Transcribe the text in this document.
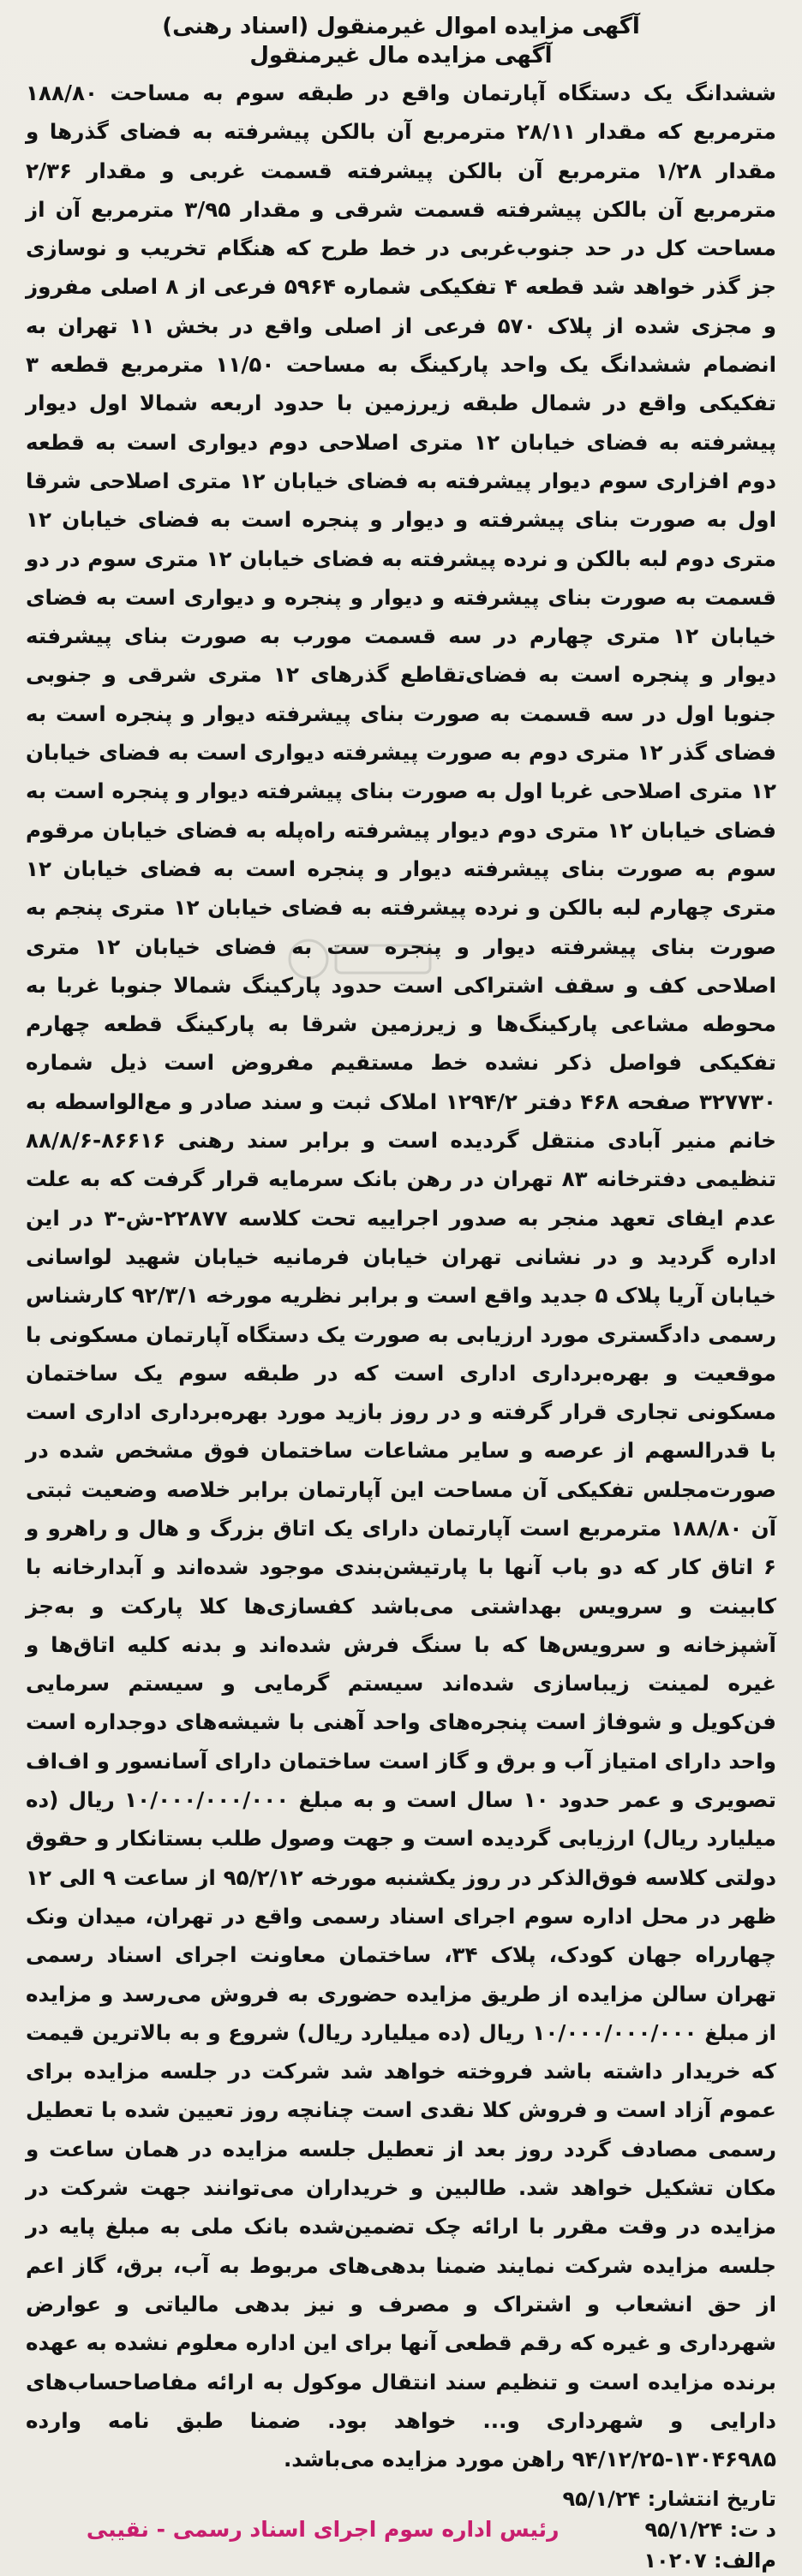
آگهی مزایده اموال غیرمنقول (اسناد رهنی)
آگهی مزایده مال غیرمنقول

ششدانگ یک دستگاه آپارتمان واقع در طبقه سوم به مساحت ۱۸۸/۸۰ مترمربع که مقدار ۲۸/۱۱ مترمربع آن بالکن پیشرفته به فضای گذرها و مقدار ۱/۲۸ مترمربع آن بالکن پیشرفته قسمت غربی و مقدار ۲/۳۶ مترمربع آن بالکن پیشرفته قسمت شرقی و مقدار ۳/۹۵ مترمربع آن از مساحت کل در حد جنوب‌غربی در خط طرح که هنگام تخریب و نوسازی جز گذر خواهد شد قطعه ۴ تفکیکی شماره ۵۹۶۴ فرعی از ۸ اصلی مفروز و مجزی شده از پلاک ۵۷۰ فرعی از اصلی واقع در بخش ۱۱ تهران به انضمام ششدانگ یک واحد پارکینگ به مساحت ۱۱/۵۰ مترمربع قطعه ۳ تفکیکی واقع در شمال طبقه زیرزمین با حدود اربعه شمالا اول دیوار پیشرفته به فضای خیابان ۱۲ متری اصلاحی دوم دیواری است به قطعه دوم افزاری سوم دیوار پیشرفته به فضای خیابان ۱۲ متری اصلاحی شرقا اول به صورت بنای پیشرفته و دیوار و پنجره است به فضای خیابان ۱۲ متری دوم لبه بالکن و نرده پیشرفته به فضای خیابان ۱۲ متری سوم در دو قسمت به صورت بنای پیشرفته و دیوار و پنجره و دیواری است به فضای خیابان ۱۲ متری چهارم در سه قسمت مورب به صورت بنای پیشرفته دیوار و پنجره است به فضای‌تقاطع گذرهای ۱۲ متری شرقی و جنوبی جنوبا اول در سه قسمت به صورت بنای پیشرفته دیوار و پنجره است به فضای گذر ۱۲ متری دوم به صورت پیشرفته دیواری است به فضای خیابان ۱۲ متری اصلاحی غربا اول به صورت بنای پیشرفته دیوار و پنجره است به فضای خیابان ۱۲ متری دوم دیوار پیشرفته راه‌پله به فضای خیابان مرقوم سوم به صورت بنای پیشرفته دیوار و پنجره است به فضای خیابان ۱۲ متری چهارم لبه بالکن و نرده پیشرفته به فضای خیابان ۱۲ متری پنجم به صورت بنای پیشرفته دیوار و پنجره ست به فضای خیابان ۱۲ متری اصلاحی کف و سقف اشتراکی است حدود پارکینگ شمالا جنوبا غربا به محوطه مشاعی پارکینگ‌ها و زیرزمین شرقا به پارکینگ قطعه چهارم تفکیکی فواصل ذکر نشده خط مستقیم مفروض است ذیل شماره ۳۲۷۷۳۰ صفحه ۴۶۸ دفتر ۱۲۹۴/۲ املاک ثبت و سند صادر و مع‌الواسطه به خانم منیر آبادی منتقل گردیده است و برابر سند رهنی ۸۶۶۱۶-۸۸/۸/۶ تنظیمی دفترخانه ۸۳ تهران در رهن بانک سرمایه قرار گرفت که به علت عدم ایفای تعهد منجر به صدور اجراییه تحت کلاسه ۲۲۸۷۷-ش-۳ در این اداره گردید و در نشانی تهران خیابان فرمانیه خیابان شهید لواسانی خیابان آریا پلاک ۵ جدید واقع است و برابر نظریه مورخه ۹۲/۳/۱ کارشناس رسمی دادگستری مورد ارزیابی به صورت یک دستگاه آپارتمان مسکونی با موقعیت و بهره‌برداری اداری است که در طبقه سوم یک ساختمان مسکونی تجاری قرار گرفته و در روز بازید مورد بهره‌برداری اداری است با قدرالسهم از عرصه و سایر مشاعات ساختمان فوق مشخص شده در صورت‌مجلس تفکیکی آن مساحت این آپارتمان برابر خلاصه وضعیت ثبتی آن ۱۸۸/۸۰ مترمربع است آپارتمان دارای یک اتاق بزرگ و هال و راهرو و ۶ اتاق کار که دو باب آنها با پارتیشن‌بندی موجود شده‌اند و آبدارخانه با کابینت و سرویس بهداشتی می‌باشد کفسازی‌ها کلا پارکت و به‌جز آشپزخانه و سرویس‌ها که با سنگ فرش شده‌اند و بدنه کلیه اتاق‌ها و غیره لمینت زیباسازی شده‌اند سیستم گرمایی و سیستم سرمایی فن‌کویل و شوفاژ است پنجره‌های واحد آهنی با شیشه‌های دوجداره است واحد دارای امتیاز آب و برق و گاز است ساختمان دارای آسانسور و اف‌اف تصویری و عمر حدود ۱۰ سال است و به مبلغ ۱۰/۰۰۰/۰۰۰/۰۰۰ ریال (ده میلیارد ریال) ارزیابی گردیده است و جهت وصول طلب بستانکار و حقوق دولتی کلاسه فوق‌الذکر در روز یکشنبه مورخه ۹۵/۲/۱۲ از ساعت ۹ الی ۱۲ ظهر در محل اداره سوم اجرای اسناد رسمی واقع در تهران، میدان ونک چهارراه جهان کودک، پلاک ۳۴، ساختمان معاونت اجرای اسناد رسمی تهران سالن مزایده از طریق مزایده حضوری به فروش می‌رسد و مزایده از مبلغ ۱۰/۰۰۰/۰۰۰/۰۰۰ ریال (ده میلیارد ریال) شروع و به بالاترین قیمت که خریدار داشته باشد فروخته خواهد شد شرکت در جلسه مزایده برای عموم آزاد است و فروش کلا نقدی است چنانچه روز تعیین شده با تعطیل رسمی مصادف گردد روز بعد از تعطیل جلسه مزایده در همان ساعت و مکان تشکیل خواهد شد. طالبین و خریداران می‌توانند جهت شرکت در مزایده در وقت مقرر با ارائه چک تضمین‌شده بانک ملی به مبلغ پایه در جلسه مزایده شرکت نمایند ضمنا بدهی‌های مربوط به آب، برق، گاز اعم از حق انشعاب و اشتراک و مصرف و نیز بدهی مالیاتی و عوارض شهرداری و غیره که رقم قطعی آنها برای این اداره معلوم نشده به عهده برنده مزایده است و تنظیم سند انتقال موکول به ارائه مفاصاحساب‌های دارایی و شهرداری و... خواهد بود. ضمنا طبق نامه وارده ۱۳۰۴۶۹۸۵-۹۴/۱۲/۲۵ راهن مورد مزایده می‌باشد.

تاریخ انتشار: ۹۵/۱/۲۴
د ت: ۹۵/۱/۲۴
رئیس اداره سوم اجرای اسناد رسمی - نقیبی
م‌الف: ۱۰۲۰۷
